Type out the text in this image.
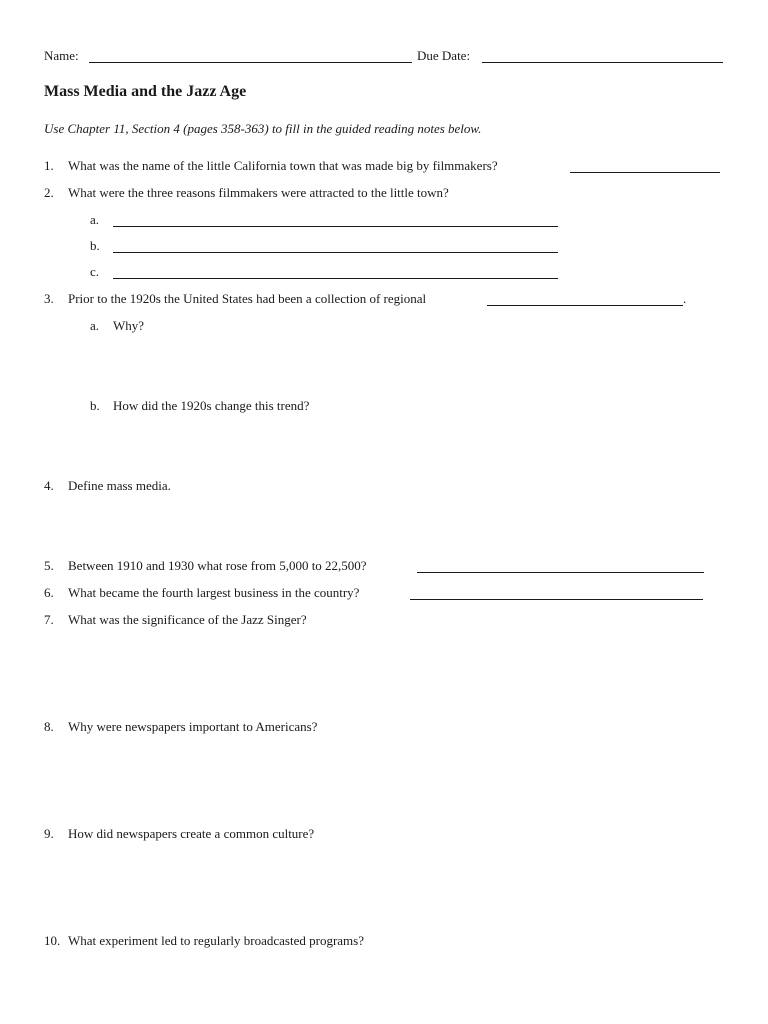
Name:	Due Date:
Mass Media and the Jazz Age
Use Chapter 11, Section 4 (pages 358-363) to fill in the guided reading notes below.
1. What was the name of the little California town that was made big by filmmakers?
2. What were the three reasons filmmakers were attracted to the little town?
a.
b.
c.
3. Prior to the 1920s the United States had been a collection of regional	.
a. Why?
b. How did the 1920s change this trend?
4. Define mass media.
5. Between 1910 and 1930 what rose from 5,000 to 22,500?
6. What became the fourth largest business in the country?
7. What was the significance of the Jazz Singer?
8. Why were newspapers important to Americans?
9. How did newspapers create a common culture?
10. What experiment led to regularly broadcasted programs?
